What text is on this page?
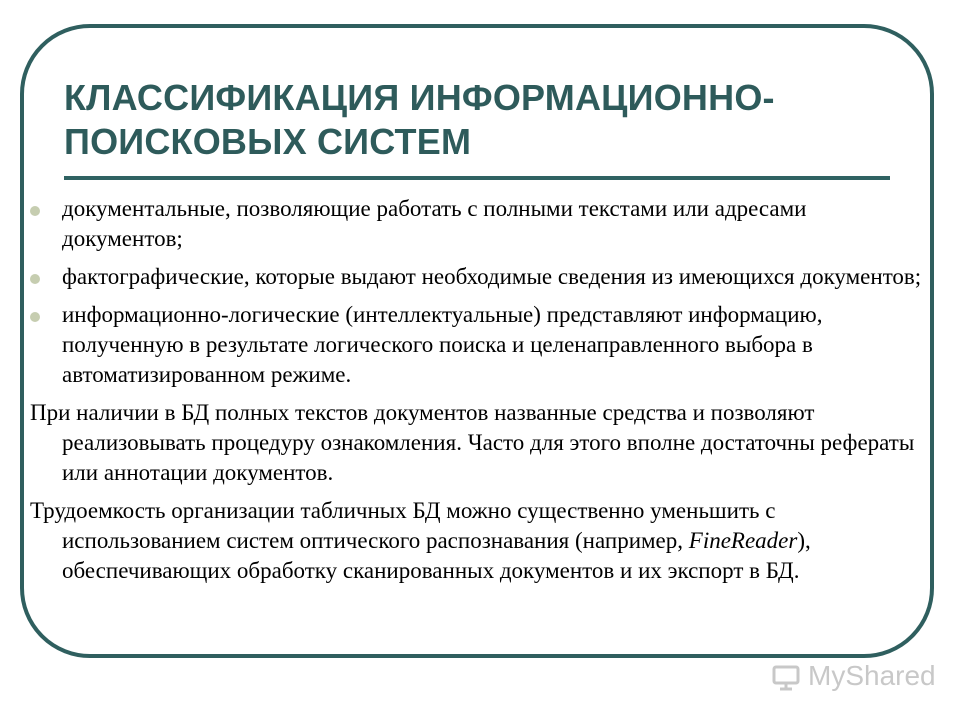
КЛАССИФИКАЦИЯ ИНФОРМАЦИОННО-ПОИСКОВЫХ СИСТЕМ
документальные, позволяющие работать с полными текстами или адресами документов;
фактографические, которые выдают необходимые сведения из имеющихся документов;
информационно-логические (интеллектуальные) представляют информацию, полученную в результате логического поиска и целенаправленного выбора в автоматизированном режиме.

При наличии в БД полных текстов документов названные средства и позволяют реализовывать процедуру ознакомления. Часто для этого вполне достаточны рефераты или аннотации документов.

Трудоемкость организации табличных БД можно существенно уменьшить с использованием систем оптического распознавания (например, FineReader), обеспечивающих обработку сканированных документов и их экспорт в БД.

MyShared
